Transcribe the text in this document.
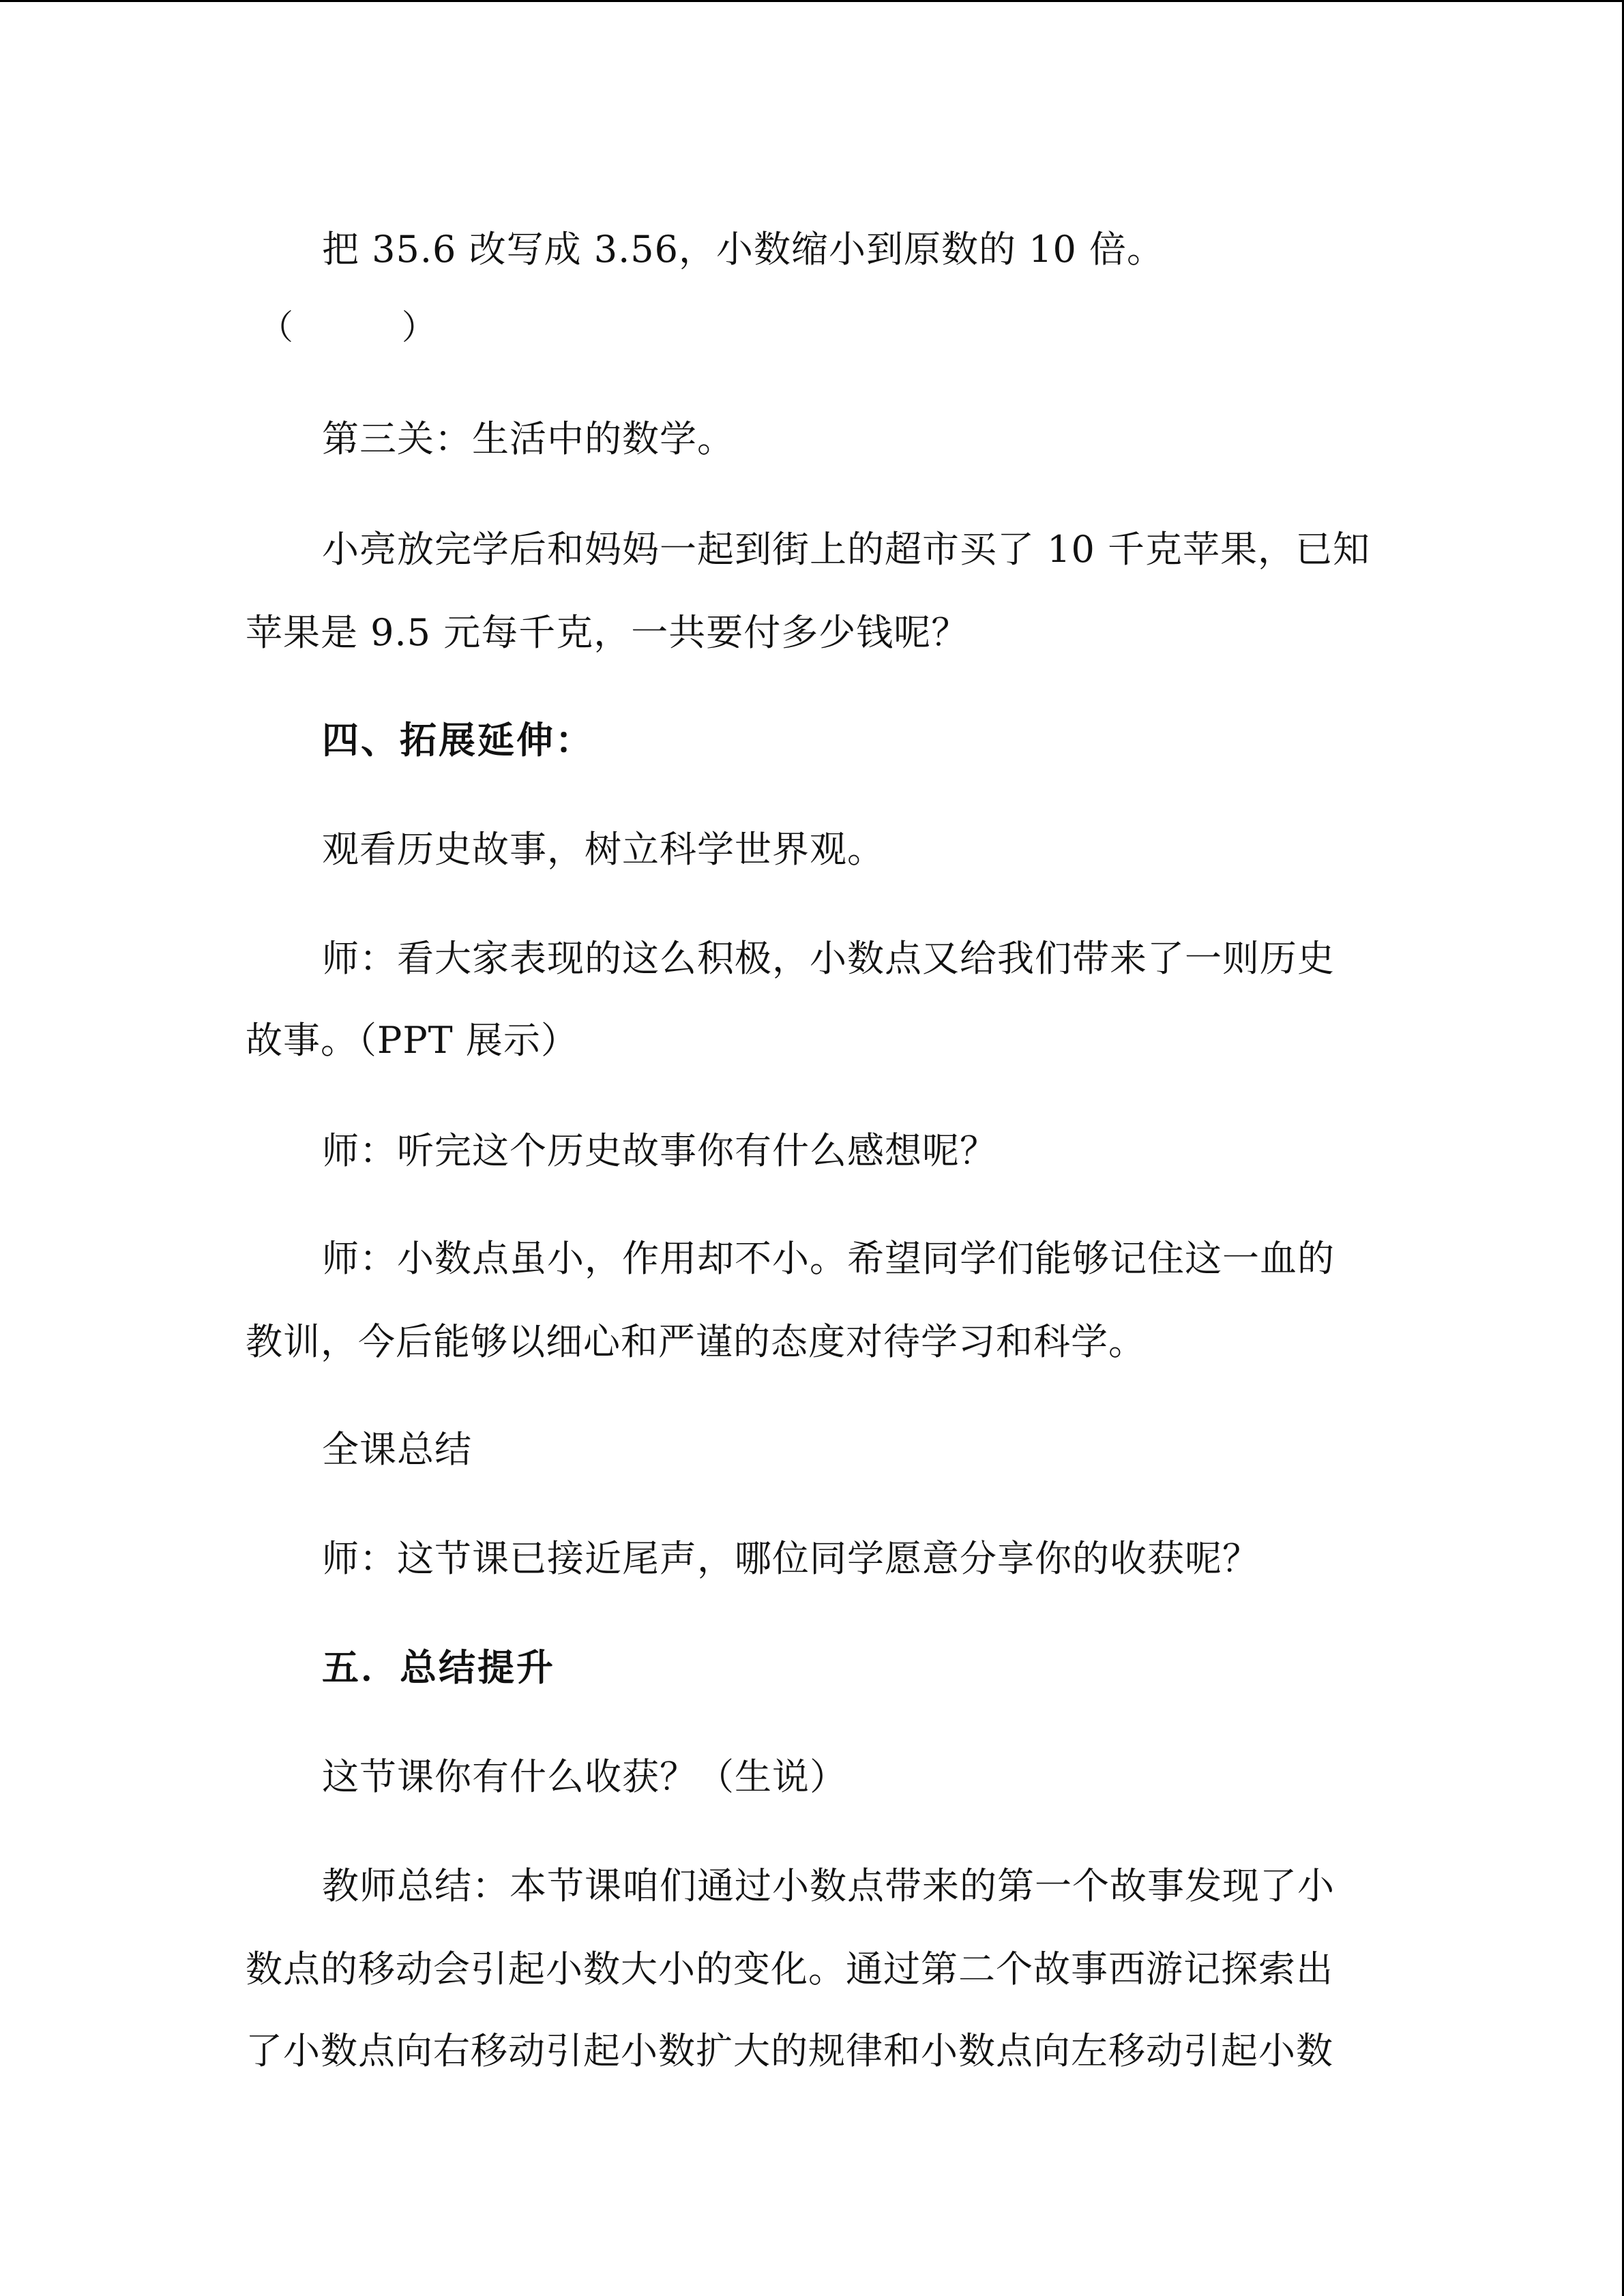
把 35.6 改写成 3.56，小数缩小到原数的 10 倍。
（          ）
第三关：生活中的数学。
小亮放完学后和妈妈一起到街上的超市买了 10 千克苹果，已知
苹果是 9.5 元每千克，一共要付多少钱呢？
四、拓展延伸：
观看历史故事，树立科学世界观。
师：看大家表现的这么积极，小数点又给我们带来了一则历史
故事。（PPT 展示）
师：听完这个历史故事你有什么感想呢？
师：小数点虽小，作用却不小。希望同学们能够记住这一血的
教训，今后能够以细心和严谨的态度对待学习和科学。
全课总结
师：这节课已接近尾声，哪位同学愿意分享你的收获呢？
五．总结提升
这节课你有什么收获？（生说）
教师总结：本节课咱们通过小数点带来的第一个故事发现了小
数点的移动会引起小数大小的变化。通过第二个故事西游记探索出
了小数点向右移动引起小数扩大的规律和小数点向左移动引起小数
